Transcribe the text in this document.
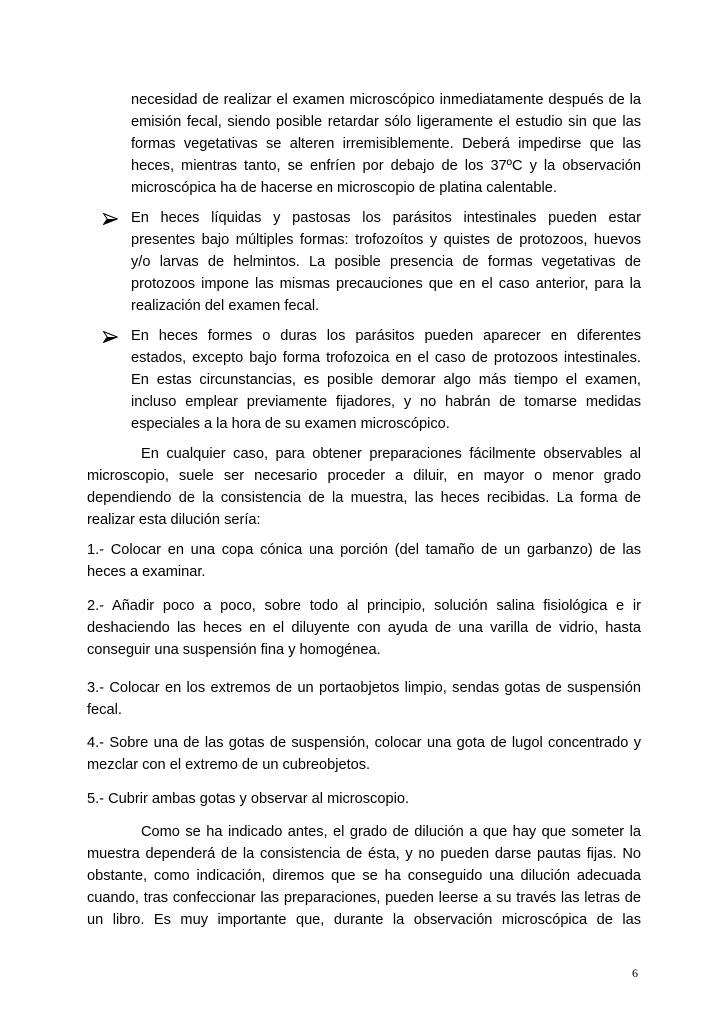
necesidad de realizar el examen microscópico inmediatamente después de la
emisión fecal, siendo posible retardar sólo ligeramente el estudio sin que las
formas vegetativas se alteren irremisiblemente. Deberá impedirse que las
heces, mientras tanto, se enfríen por debajo de los 37ºC y la observación
microscópica ha de hacerse en microscopio de platina calentable.
En heces líquidas y pastosas los parásitos intestinales pueden estar
presentes bajo múltiples formas: trofozoítos y quistes de protozoos, huevos
y/o larvas de helmintos. La posible presencia de formas vegetativas de
protozoos impone las mismas precauciones que en el caso anterior, para la
realización del examen fecal.
En heces formes o duras los parásitos pueden aparecer en diferentes
estados, excepto bajo forma trofozoica en el caso de protozoos intestinales.
En estas circunstancias, es posible demorar algo más tiempo el examen,
incluso emplear previamente fijadores, y no habrán de tomarse medidas
especiales a la hora de su examen microscópico.
En cualquier caso, para obtener preparaciones fácilmente observables al
microscopio, suele ser necesario proceder a diluir, en mayor o menor grado
dependiendo de la consistencia de la muestra, las heces recibidas. La forma de
realizar esta dilución sería:
1.- Colocar en una copa cónica una porción (del tamaño de un garbanzo) de las
heces a examinar.
2.- Añadir poco a poco, sobre todo al principio, solución salina fisiológica e ir
deshaciendo las heces en el diluyente con ayuda de una varilla de vidrio, hasta
conseguir una suspensión fina y homogénea.
3.- Colocar en los extremos de un portaobjetos limpio, sendas gotas de suspensión
fecal.
4.- Sobre una de las gotas de suspensión, colocar una gota de lugol concentrado y
mezclar con el extremo de un cubreobjetos.
5.- Cubrir ambas gotas y observar al microscopio.
Como se ha indicado antes, el grado de dilución a que hay que someter la
muestra dependerá de la consistencia de ésta, y no pueden darse pautas fijas. No
obstante, como indicación, diremos que se ha conseguido una dilución adecuada
cuando, tras confeccionar las preparaciones, pueden leerse a su través las letras de
un libro. Es muy importante que, durante la observación microscópica de las
6
